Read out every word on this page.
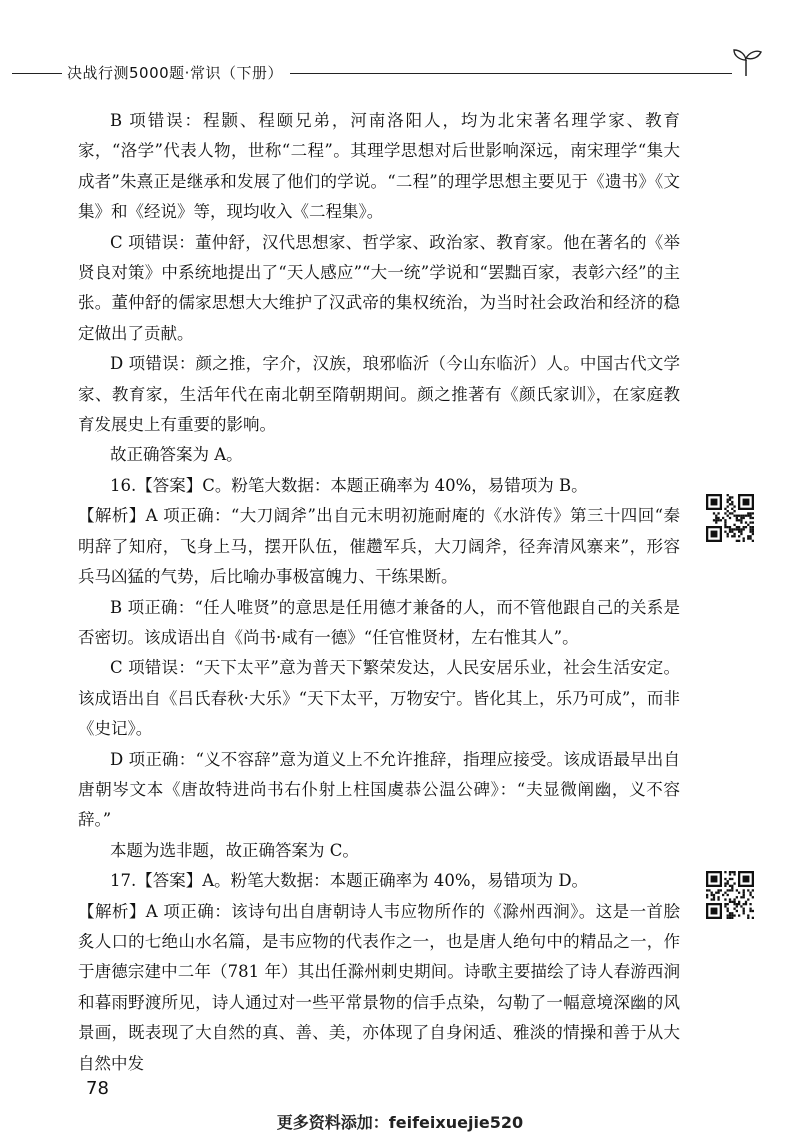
决战行测5000题·常识（下册）

B 项错误：程颢、程颐兄弟，河南洛阳人，均为北宋著名理学家、教育家，“洛学”代表人物，世称“二程”。其理学思想对后世影响深远，南宋理学“集大成者”朱熹正是继承和发展了他们的学说。“二程”的理学思想主要见于《遗书》《文集》和《经说》等，现均收入《二程集》。

C 项错误：董仲舒，汉代思想家、哲学家、政治家、教育家。他在著名的《举贤良对策》中系统地提出了“天人感应”“大一统”学说和“罢黜百家，表彰六经”的主张。董仲舒的儒家思想大大维护了汉武帝的集权统治，为当时社会政治和经济的稳定做出了贡献。

D 项错误：颜之推，字介，汉族，琅邪临沂（今山东临沂）人。中国古代文学家、教育家，生活年代在南北朝至隋朝期间。颜之推著有《颜氏家训》，在家庭教育发展史上有重要的影响。

故正确答案为 A。

16.【答案】C。粉笔大数据：本题正确率为 40%，易错项为 B。

【解析】A 项正确：“大刀阔斧”出自元末明初施耐庵的《水浒传》第三十四回“秦明辞了知府，飞身上马，摆开队伍，催趱军兵，大刀阔斧，径奔清风寨来”，形容兵马凶猛的气势，后比喻办事极富魄力、干练果断。

B 项正确：“任人唯贤”的意思是任用德才兼备的人，而不管他跟自己的关系是否密切。该成语出自《尚书·咸有一德》“任官惟贤材，左右惟其人”。

C 项错误：“天下太平”意为普天下繁荣发达，人民安居乐业，社会生活安定。该成语出自《吕氏春秋·大乐》“天下太平，万物安宁。皆化其上，乐乃可成”，而非《史记》。

D 项正确：“义不容辞”意为道义上不允许推辞，指理应接受。该成语最早出自唐朝岑文本《唐故特进尚书右仆射上柱国虞恭公温公碑》：“夫显微阐幽，义不容辞。”

本题为选非题，故正确答案为 C。

17.【答案】A。粉笔大数据：本题正确率为 40%，易错项为 D。

【解析】A 项正确：该诗句出自唐朝诗人韦应物所作的《滁州西涧》。这是一首脍炙人口的七绝山水名篇，是韦应物的代表作之一，也是唐人绝句中的精品之一，作于唐德宗建中二年（781 年）其出任滁州刺史期间。诗歌主要描绘了诗人春游西涧和暮雨野渡所见，诗人通过对一些平常景物的信手点染，勾勒了一幅意境深幽的风景画，既表现了大自然的真、善、美，亦体现了自身闲适、雅淡的情操和善于从大自然中发

78
更多资料添加：feifeixuejie520
